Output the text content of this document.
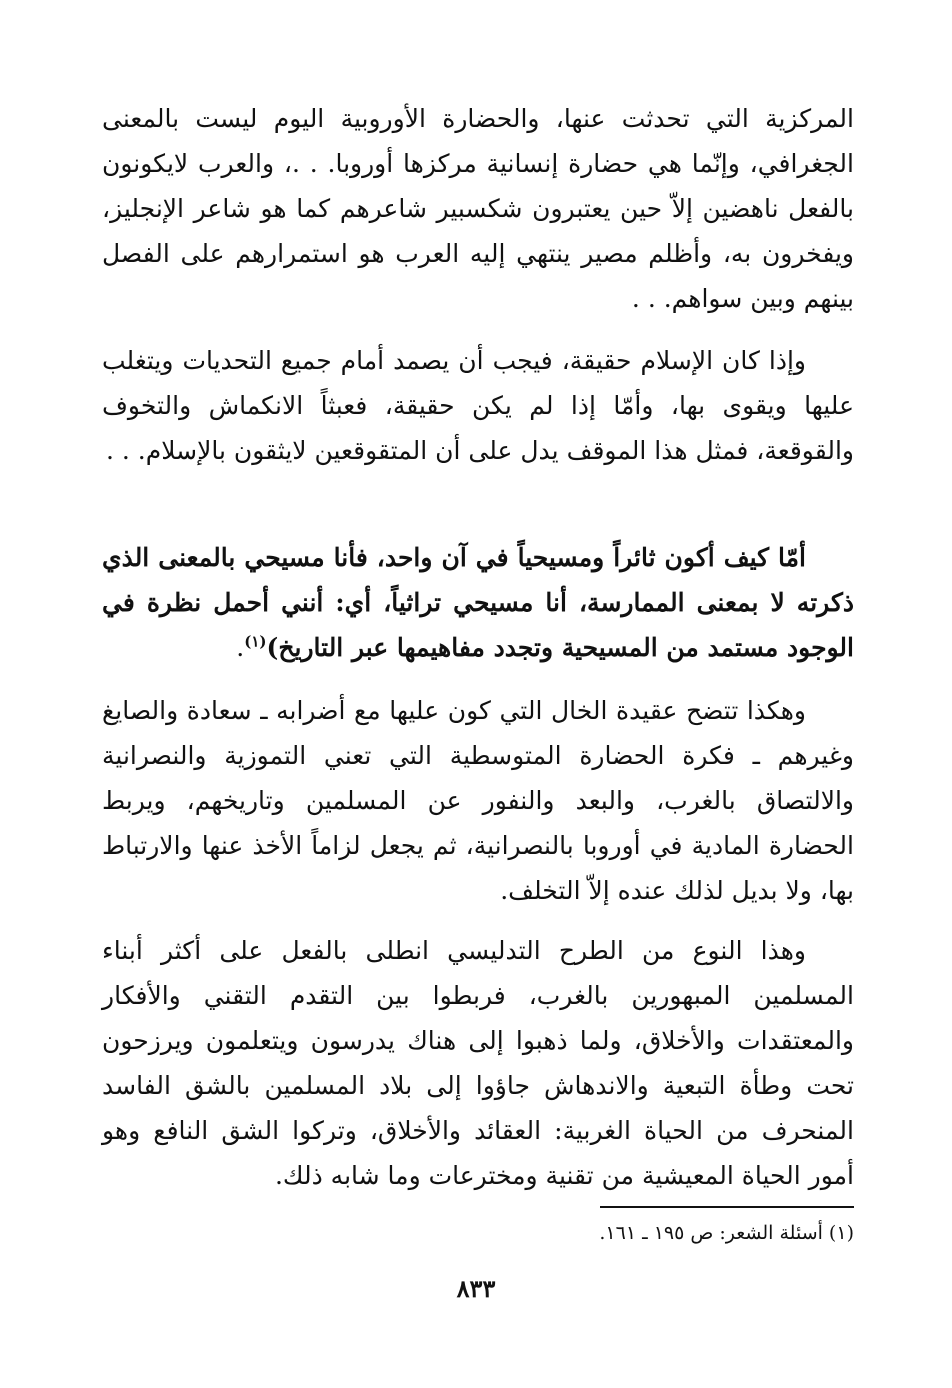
المركزية التي تحدثت عنها، والحضارة الأوروبية اليوم ليست بالمعنى الجغرافي، وإنّما هي حضارة إنسانية مركزها أوروبا. . .، والعرب لايكونون بالفعل ناهضين إلاّ حين يعتبرون شكسبير شاعرهم كما هو شاعر الإنجليز، ويفخرون به، وأظلم مصير ينتهي إليه العرب هو استمرارهم على الفصل بينهم وبين سواهم. . .

وإذا كان الإسلام حقيقة، فيجب أن يصمد أمام جميع التحديات ويتغلب عليها ويقوى بها، وأمّا إذا لم يكن حقيقة، فعبثاً الانكماش والتخوف والقوقعة، فمثل هذا الموقف يدل على أن المتقوقعين لايثقون بالإسلام. . .

أمّا كيف أكون ثائراً ومسيحياً في آن واحد، فأنا مسيحي بالمعنى الذي ذكرته لا بمعنى الممارسة، أنا مسيحي تراثياً، أي: أنني أحمل نظرة في الوجود مستمد من المسيحية وتجدد مفاهيمها عبر التاريخ)$^{(١)}$.

وهكذا تتضح عقيدة الخال التي كون عليها مع أضرابه ـ سعادة والصايغ وغيرهم ـ فكرة الحضارة المتوسطية التي تعني التموزية والنصرانية والالتصاق بالغرب، والبعد والنفور عن المسلمين وتاريخهم، ويربط الحضارة المادية في أوروبا بالنصرانية، ثم يجعل لزاماً الأخذ عنها والارتباط بها، ولا بديل لذلك عنده إلاّ التخلف.

وهذا النوع من الطرح التدليسي انطلى بالفعل على أكثر أبناء المسلمين المبهورين بالغرب، فربطوا بين التقدم التقني والأفكار والمعتقدات والأخلاق، ولما ذهبوا إلى هناك يدرسون ويتعلمون ويرزحون تحت وطأة التبعية والاندهاش جاؤوا إلى بلاد المسلمين بالشق الفاسد المنحرف من الحياة الغربية: العقائد والأخلاق، وتركوا الشق النافع وهو أمور الحياة المعيشية من تقنية ومخترعات وما شابه ذلك.

(١) أسئلة الشعر: ص ١٩٥ ـ ١٦١.
٨٣٣
